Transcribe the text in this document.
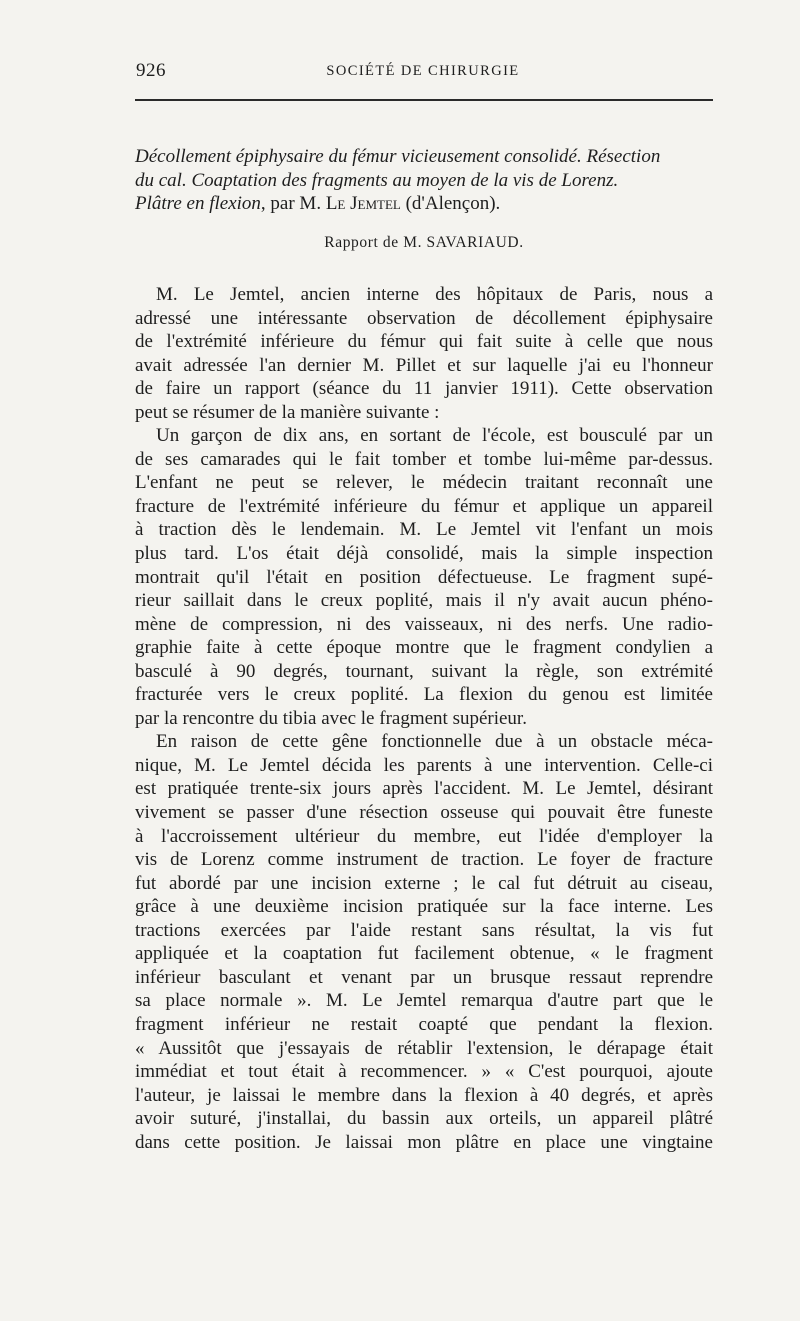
926	SOCIÉTÉ DE CHIRURGIE
Décollement épiphysaire du fémur vicieusement consolidé. Résection
du cal. Coaptation des fragments au moyen de la vis de Lorenz.
Plâtre en flexion, par M. Le Jemtel (d'Alençon).
Rapport de M. SAVARIAUD.
M. Le Jemtel, ancien interne des hôpitaux de Paris, nous a
adressé une intéressante observation de décollement épiphysaire
de l'extrémité inférieure du fémur qui fait suite à celle que nous
avait adressée l'an dernier M. Pillet et sur laquelle j'ai eu l'honneur
de faire un rapport (séance du 11 janvier 1911). Cette observation
peut se résumer de la manière suivante :
Un garçon de dix ans, en sortant de l'école, est bousculé par un
de ses camarades qui le fait tomber et tombe lui-même par-dessus.
L'enfant ne peut se relever, le médecin traitant reconnaît une
fracture de l'extrémité inférieure du fémur et applique un appareil
à traction dès le lendemain. M. Le Jemtel vit l'enfant un mois
plus tard. L'os était déjà consolidé, mais la simple inspection
montrait qu'il l'était en position défectueuse. Le fragment supé-
rieur saillait dans le creux poplité, mais il n'y avait aucun phéno-
mène de compression, ni des vaisseaux, ni des nerfs. Une radio-
graphie faite à cette époque montre que le fragment condylien a
basculé à 90 degrés, tournant, suivant la règle, son extrémité
fracturée vers le creux poplité. La flexion du genou est limitée
par la rencontre du tibia avec le fragment supérieur.
En raison de cette gêne fonctionnelle due à un obstacle méca-
nique, M. Le Jemtel décida les parents à une intervention. Celle-ci
est pratiquée trente-six jours après l'accident. M. Le Jemtel, désirant
vivement se passer d'une résection osseuse qui pouvait être funeste
à l'accroissement ultérieur du membre, eut l'idée d'employer la
vis de Lorenz comme instrument de traction. Le foyer de fracture
fut abordé par une incision externe ; le cal fut détruit au ciseau,
grâce à une deuxième incision pratiquée sur la face interne. Les
tractions exercées par l'aide restant sans résultat, la vis fut
appliquée et la coaptation fut facilement obtenue, « le fragment
inférieur basculant et venant par un brusque ressaut reprendre
sa place normale ». M. Le Jemtel remarqua d'autre part que le
fragment inférieur ne restait coapté que pendant la flexion.
« Aussitôt que j'essayais de rétablir l'extension, le dérapage était
immédiat et tout était à recommencer. » « C'est pourquoi, ajoute
l'auteur, je laissai le membre dans la flexion à 40 degrés, et après
avoir suturé, j'installai, du bassin aux orteils, un appareil plâtré
dans cette position. Je laissai mon plâtre en place une vingtaine
